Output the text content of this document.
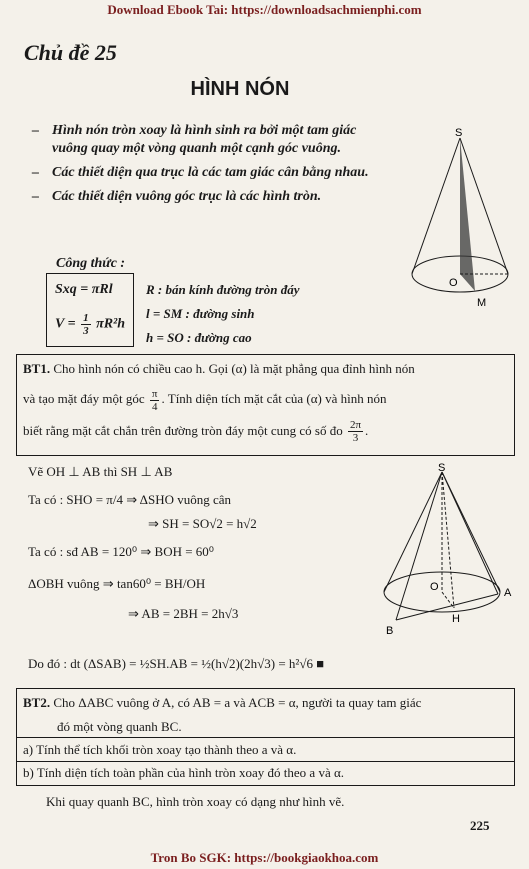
Download Ebook Tai: https://downloadsachmienphi.com
Chủ đề 25
HÌNH NÓN
– Hình nón tròn xoay là hình sinh ra bởi một tam giác vuông quay một vòng quanh một cạnh góc vuông.
– Các thiết diện qua trục là các tam giác cân bằng nhau.
– Các thiết diện vuông góc trục là các hình tròn.
Công thức :
Sxq = πRl
$V = \frac{1}{3} \pi R^2h$
R : bán kính đường tròn đáy
l = SM : đường sinh
h = SO : đường cao
S
O
M
BT1. Cho hình nón có chiều cao h. Gọi (α) là mặt phẳng qua đỉnh hình nón
và tạo mặt đáy một góc $\frac{\pi}{4}$ . Tính diện tích mặt cắt của (α) và hình nón
biết rằng mặt cắt chắn trên đường tròn đáy một cung có số đo $\frac{2\pi}{3}$ .
Vẽ OH ⊥ AB thì SH ⊥ AB
Ta có : SHO = π/4 ⇒ ΔSHO vuông cân
⇒ SH = SO√2 = h√2
Ta có : sđ AB = 120⁰ ⇒ BOH = 60⁰
ΔOBH vuông ⇒ tan60⁰ = BH/OH
⇒ AB = 2BH = 2h√3
Do đó : dt (ΔSAB) = ½SH.AB = ½(h√2)(2h√3) = h²√6 ■
S
O	A
B
H
BT2. Cho ΔABC vuông ở A, có AB = a và ACB = α, người ta quay tam giác
đó một vòng quanh BC.
a) Tính thể tích khối tròn xoay tạo thành theo a và α.
b) Tính diện tích toàn phần của hình tròn xoay đó theo a và α.
Khi quay quanh BC, hình tròn xoay có dạng như hình vẽ.
225
Tron Bo SGK: https://bookgiaokhoa.com
